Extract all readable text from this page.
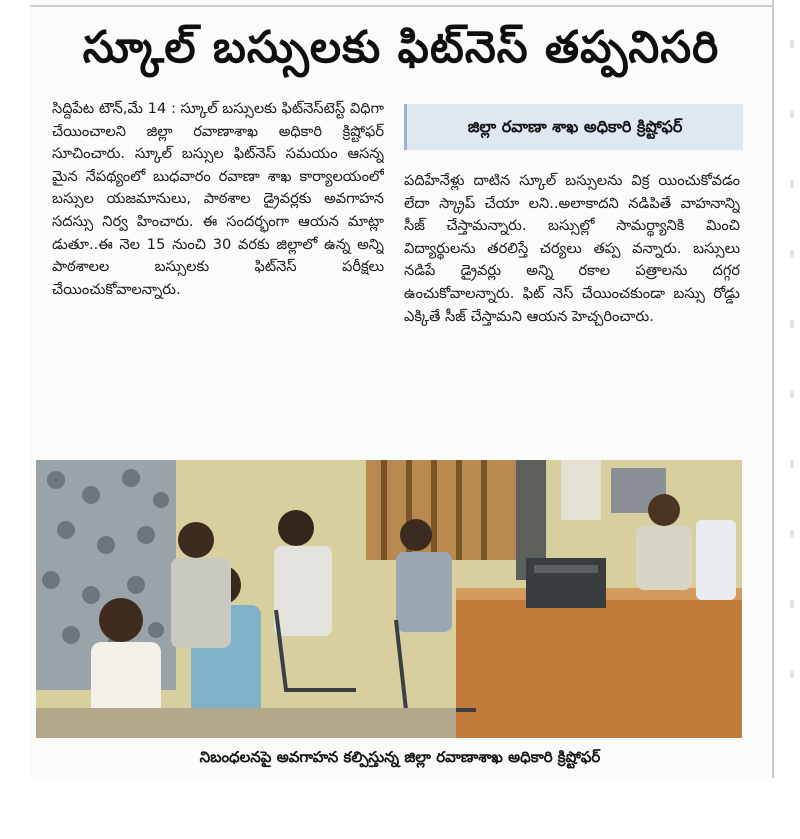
స్కూల్ బస్సులకు ఫిట్‌నెస్ తప్పనిసరి
సిద్దిపేట టౌన్,మే 14 : స్కూల్ బస్సులకు ఫిట్‌నెస్‌టెస్ట్ విధిగా చేయించాలని జిల్లా రవాణాశాఖ అధికారి క్రిష్టోఫర్ సూచించారు. స్కూల్ బస్సుల ఫిట్‌నెస్ సమయం ఆసన్న మైన నేపథ్యంలో బుధవారం రవాణా శాఖ కార్యాలయంలో బస్సుల యజమానులు, పాఠశాల డ్రైవర్లకు అవగాహన సదస్సు నిర్వ హించారు. ఈ సందర్భంగా ఆయన మాట్లా డుతూ..ఈ నెల 15 నుంచి 30 వరకు జిల్లాలో ఉన్న అన్ని పాఠశాలల బస్సులకు ఫిట్‌నెస్ పరీక్షలు చేయించుకోవాలన్నారు.
జిల్లా రవాణా శాఖ అధికారి క్రిష్టోఫర్
పదిహేనేళ్లు దాటిన స్కూల్ బస్సులను విక్ర యించుకోవడం లేదా స్క్రాప్ చేయా లని..అలాకాదని నడిపితే వాహనాన్ని సీజ్ చేస్తామన్నారు. బస్సుల్లో సామర్థ్యానికి మించి విద్యార్థులను తరలిస్తే చర్యలు తప్ప వన్నారు. బస్సులు నడిపే డ్రైవర్లు అన్ని రకాల పత్రాలను దగ్గర ఉంచుకోవాలన్నారు. ఫిట్ నెస్ చేయించకుండా బస్సు రోడ్డు ఎక్కితే సీజ్ చేస్తామని ఆయన హెచ్చరించారు.
నిబంధలనపై అవగాహన కల్పిస్తున్న జిల్లా రవాణాశాఖ అధికారి క్రిష్టోఫర్
